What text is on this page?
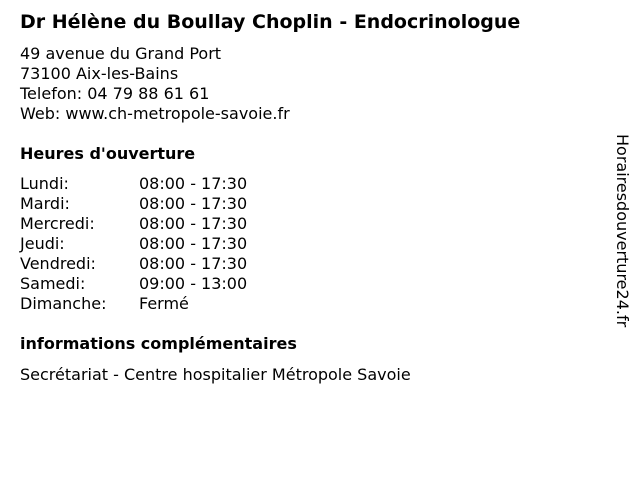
Dr Hélène du Boullay Choplin - Endocrinologue
49 avenue du Grand Port
73100 Aix-les-Bains
Telefon: 04 79 88 61 61
Web: www.ch-metropole-savoie.fr
Heures d'ouverture
Lundi:	08:00 - 17:30
Mardi:	08:00 - 17:30
Mercredi:	08:00 - 17:30
Jeudi:	08:00 - 17:30
Vendredi:	08:00 - 17:30
Samedi:	09:00 - 13:00
Dimanche:	Fermé
informations complémentaires
Secrétariat - Centre hospitalier Métropole Savoie
Horairesdouverture24.fr
